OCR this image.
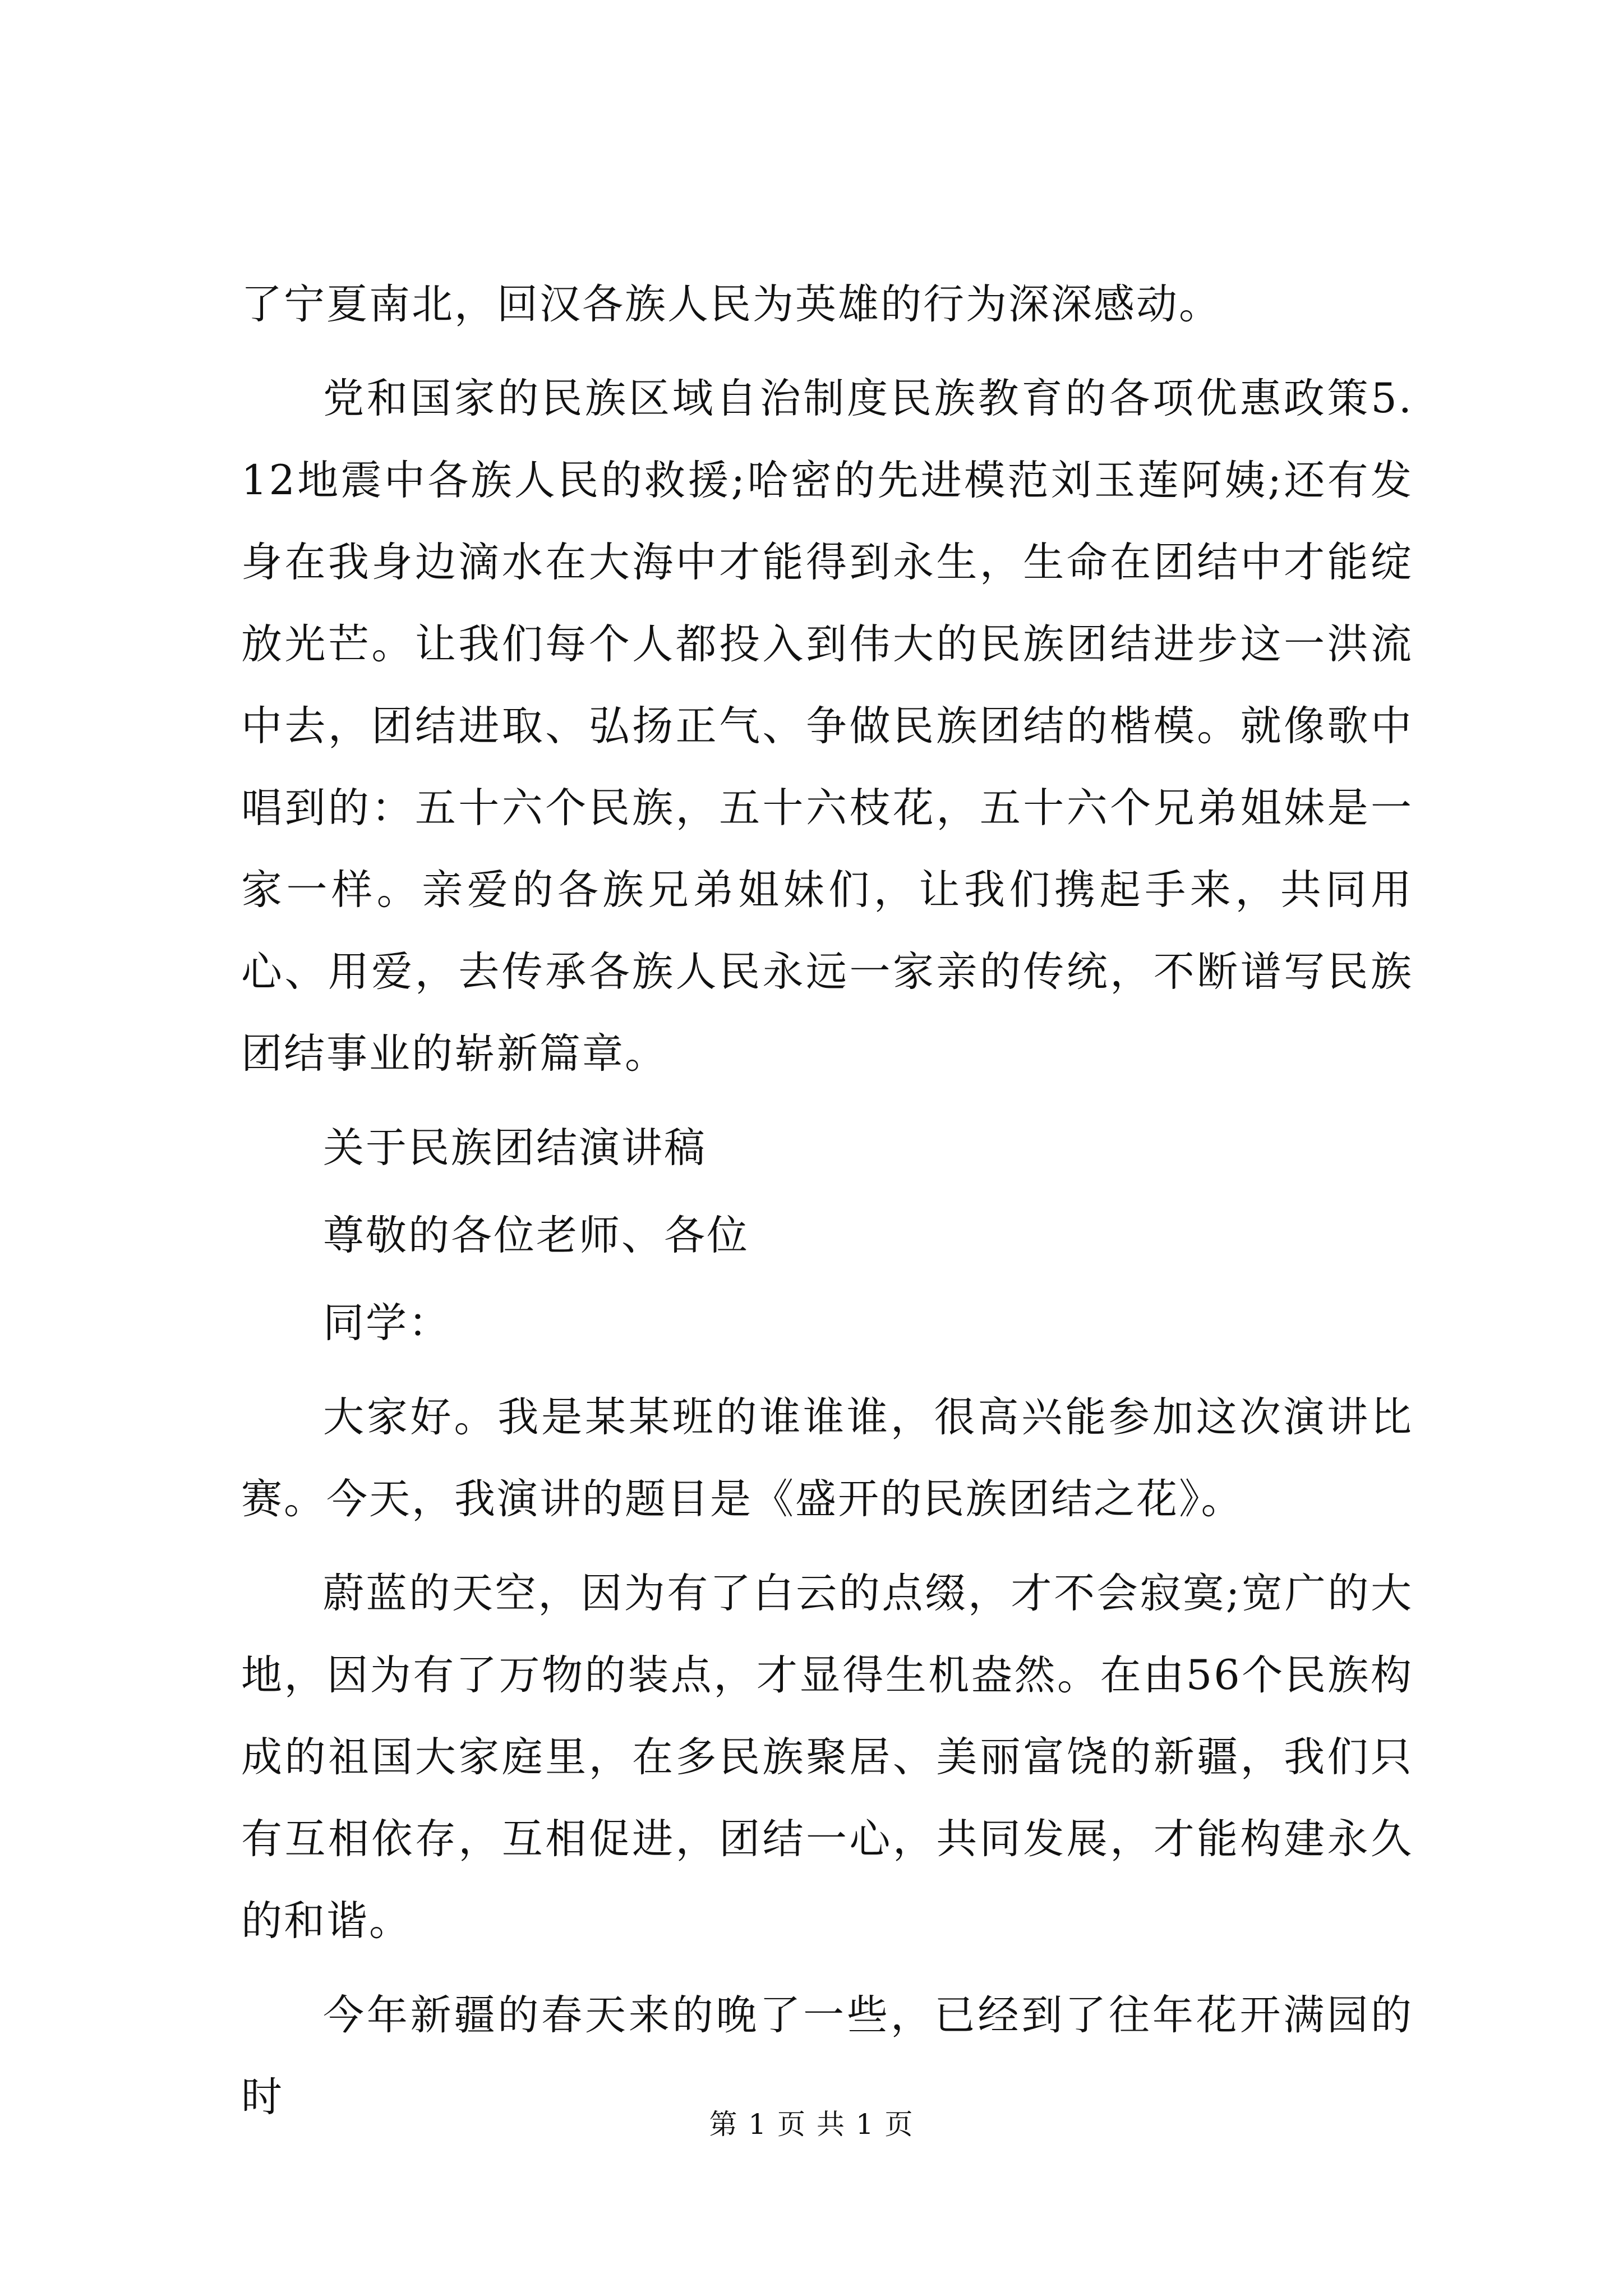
了宁夏南北，回汉各族人民为英雄的行为深深感动。

党和国家的民族区域自治制度民族教育的各项优惠政策5.12地震中各族人民的救援;哈密的先进模范刘玉莲阿姨;还有发身在我身边滴水在大海中才能得到永生，生命在团结中才能绽放光芒。让我们每个人都投入到伟大的民族团结进步这一洪流中去，团结进取、弘扬正气、争做民族团结的楷模。就像歌中唱到的：五十六个民族，五十六枝花，五十六个兄弟姐妹是一家一样。亲爱的各族兄弟姐妹们，让我们携起手来，共同用心、用爱，去传承各族人民永远一家亲的传统，不断谱写民族团结事业的崭新篇章。

关于民族团结演讲稿

尊敬的各位老师、各位

同学：

大家好。我是某某班的谁谁谁，很高兴能参加这次演讲比赛。今天，我演讲的题目是《盛开的民族团结之花》。

蔚蓝的天空，因为有了白云的点缀，才不会寂寞;宽广的大地，因为有了万物的装点，才显得生机盎然。在由56个民族构成的祖国大家庭里，在多民族聚居、美丽富饶的新疆，我们只有互相依存，互相促进，团结一心，共同发展，才能构建永久的和谐。

今年新疆的春天来的晚了一些，已经到了往年花开满园的时

第 1 页 共 1 页
